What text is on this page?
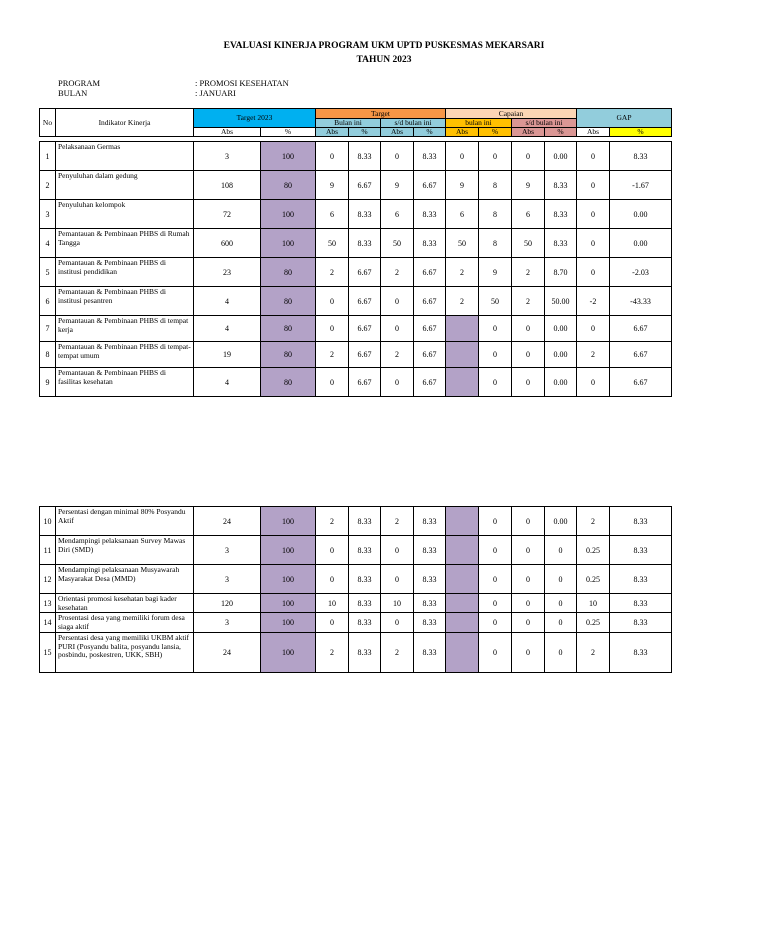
EVALUASI KINERJA PROGRAM UKM UPTD PUSKESMAS MEKARSARI
TAHUN 2023
PROGRAM	: PROMOSI KESEHATAN
BULAN	: JANUARI
No	Indikator Kinerja	Target 2023		Target				Capaian				GAP	
				Bulan ini		s/d bulan ini		bulan ini		s/d bulan ini			
		Abs	%	Abs	%	Abs	%	Abs	%	Abs	%	Abs	%

1	Pelaksanaan Germas	3	100	0	8.33	0	8.33	0	0	0	0.00	0	8.33
2	Penyuluhan dalam gedung	108	80	9	6.67	9	6.67	9	8	9	8.33	0	-1.67
3	Penyuluhan kelompok	72	100	6	8.33	6	8.33	6	8	6	8.33	0	0.00
4	Pemantauan & Pembinaan PHBS di Rumah Tangga	600	100	50	8.33	50	8.33	50	8	50	8.33	0	0.00
5	Pemantauan & Pembinaan PHBS di institusi pendidikan	23	80	2	6.67	2	6.67	2	9	2	8.70	0	-2.03
6	Pemantauan & Pembinaan PHBS di institusi pesantren	4	80	0	6.67	0	6.67	2	50	2	50.00	-2	-43.33
7	Pemantauan & Pembinaan PHBS di tempat kerja	4	80	0	6.67	0	6.67		0	0	0.00	0	6.67
8	Pemantauan & Pembinaan PHBS di tempat-tempat umum	19	80	2	6.67	2	6.67		0	0	0.00	2	6.67
9	Pemantauan & Pembinaan PHBS di fasilitas kesehatan	4	80	0	6.67	0	6.67		0	0	0.00	0	6.67
10	Persentasi dengan minimal 80% Posyandu Aktif	24	100	2	8.33	2	8.33		0	0	0.00	2	8.33
11	Mendampingi pelaksanaan Survey Mawas Diri (SMD)	3	100	0	8.33	0	8.33		0	0	0	0.25	8.33
12	Mendampingi pelaksanaan Musyawarah Masyarakat Desa (MMD)	3	100	0	8.33	0	8.33		0	0	0	0.25	8.33
13	Orientasi promosi kesehatan bagi kader kesehatan	120	100	10	8.33	10	8.33		0	0	0	10	8.33
14	Prosentasi desa yang memiliki forum desa siaga aktif	3	100	0	8.33	0	8.33		0	0	0	0.25	8.33
15	Persentasi desa yang memiliki UKBM aktif PURI (Posyandu balita, posyandu lansia, posbindu, poskestren, UKK, SBH)	24	100	2	8.33	2	8.33		0	0	0	2	8.33
